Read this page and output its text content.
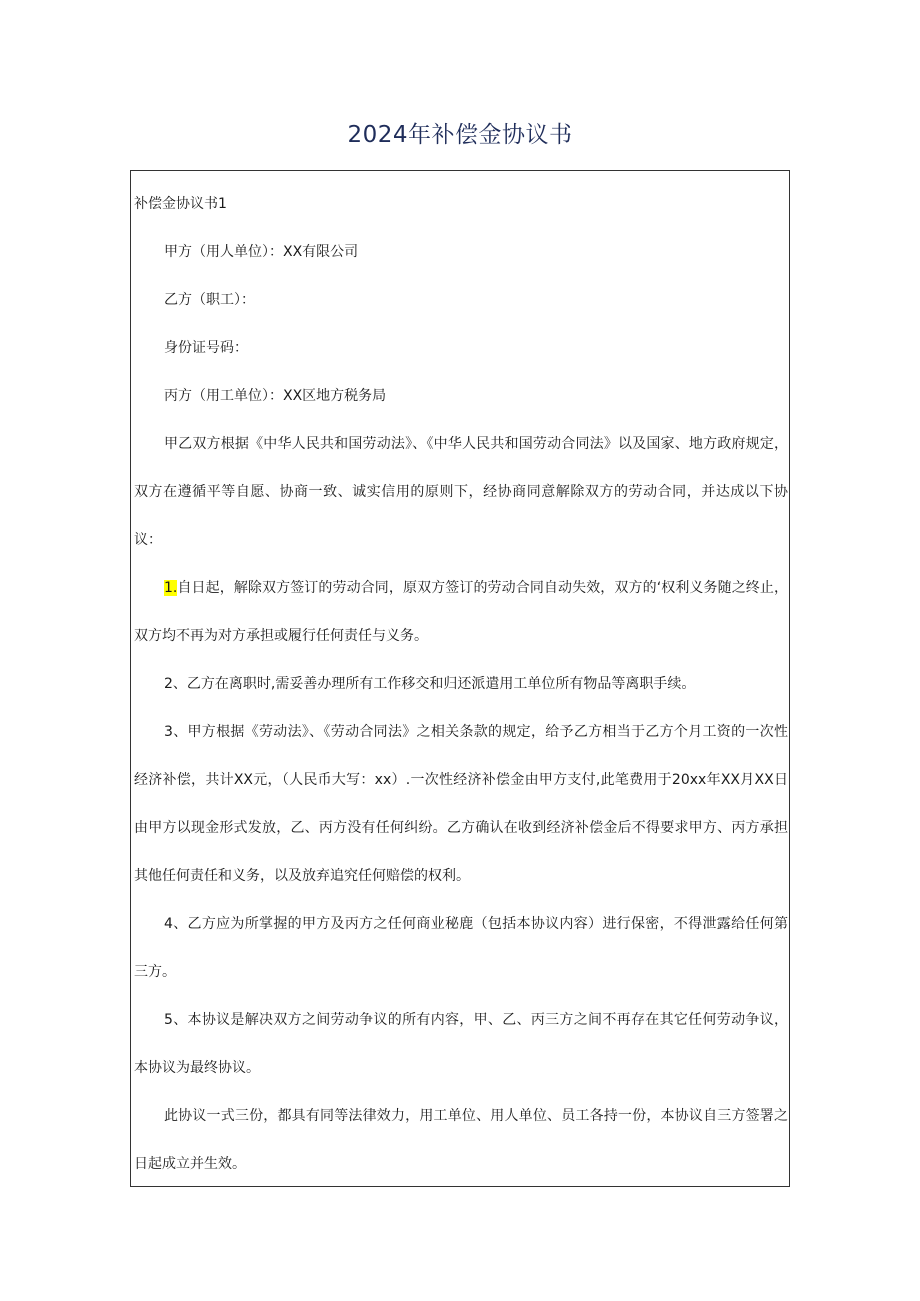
2024年补偿金协议书

补偿金协议书1

甲方（用人单位）：XX有限公司

乙方（职工）：

身份证号码：

丙方（用工单位）：XX区地方税务局

甲乙双方根据《中华人民共和国劳动法》、《中华人民共和国劳动合同法》以及国家、地方政府规定，双方在遵循平等自愿、协商一致、诚实信用的原则下，经协商同意解除双方的劳动合同，并达成以下协议：

1.自日起，解除双方签订的劳动合同，原双方签订的劳动合同自动失效，双方的‘权利义务随之终止，双方均不再为对方承担或履行任何责任与义务。

2、乙方在离职时,需妥善办理所有工作移交和归还派遣用工单位所有物品等离职手续。

3、甲方根据《劳动法》、《劳动合同法》之相关条款的规定，给予乙方相当于乙方个月工资的一次性经济补偿，共计XX元，（人民币大写：xx）.一次性经济补偿金由甲方支付,此笔费用于20xx年XX月XX日由甲方以现金形式发放，乙、丙方没有任何纠纷。乙方确认在收到经济补偿金后不得要求甲方、丙方承担其他任何责任和义务，以及放弃追究任何赔偿的权利。

4、乙方应为所掌握的甲方及丙方之任何商业秘鹿（包括本协议内容）进行保密，不得泄露给任何第三方。

5、本协议是解决双方之间劳动争议的所有内容，甲、乙、丙三方之间不再存在其它任何劳动争议，本协议为最终协议。

此协议一式三份，都具有同等法律效力，用工单位、用人单位、员工各持一份，本协议自三方签署之日起成立并生效。
